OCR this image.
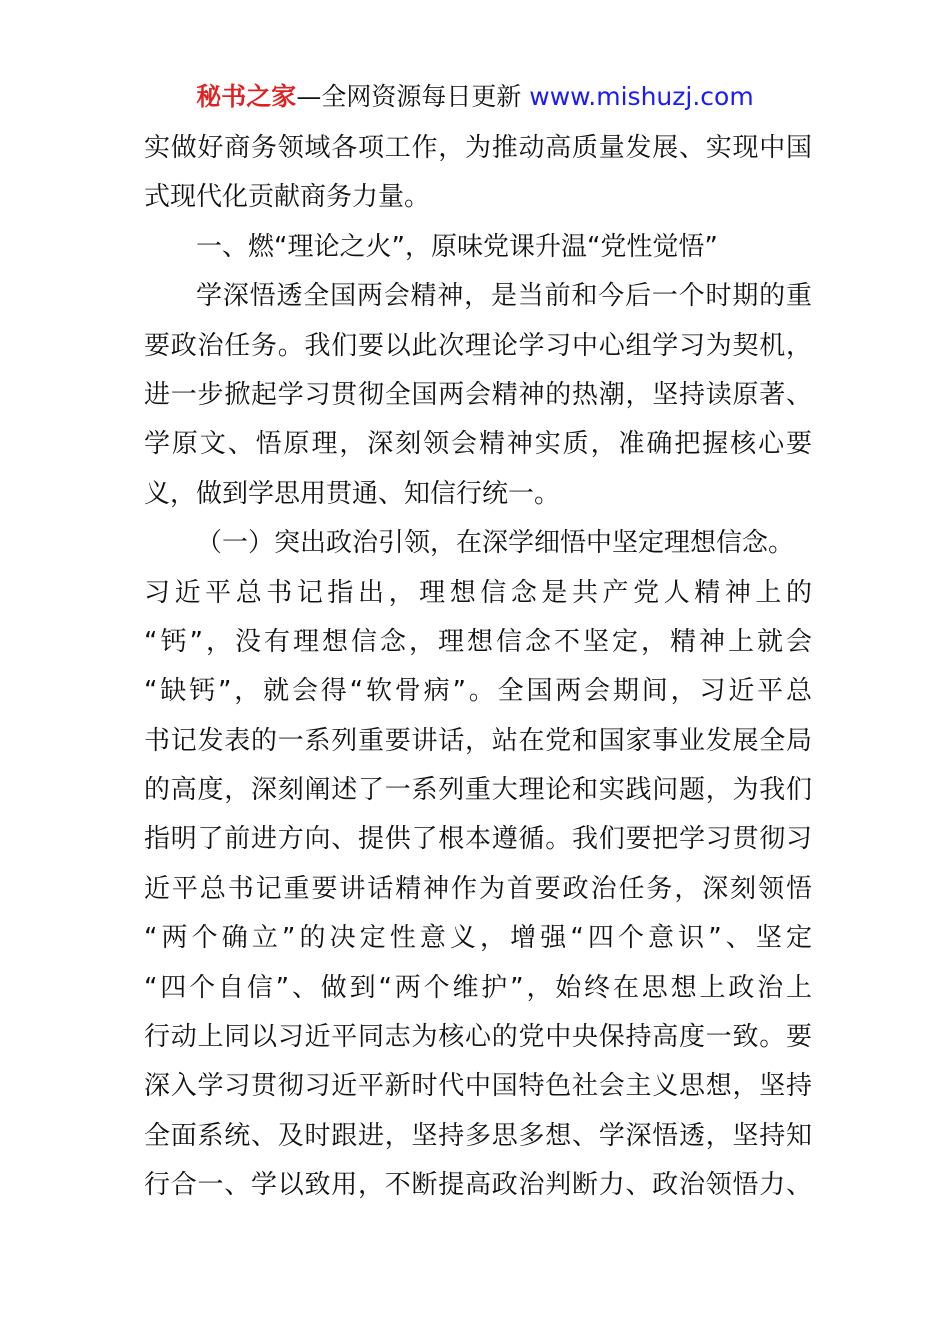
秘书之家—全网资源每日更新 www.mishuzj.com
实做好商务领域各项工作，为推动高质量发展、实现中国
式现代化贡献商务力量。
一、燃“理论之火”，原味党课升温“党性觉悟”
学深悟透全国两会精神，是当前和今后一个时期的重
要政治任务。我们要以此次理论学习中心组学习为契机，
进一步掀起学习贯彻全国两会精神的热潮，坚持读原著、
学原文、悟原理，深刻领会精神实质，准确把握核心要
义，做到学思用贯通、知信行统一。
（一）突出政治引领，在深学细悟中坚定理想信念。
习近平总书记指出，理想信念是共产党人精神上的
“钙”，没有理想信念，理想信念不坚定，精神上就会
“缺钙”，就会得“软骨病”。全国两会期间，习近平总
书记发表的一系列重要讲话，站在党和国家事业发展全局
的高度，深刻阐述了一系列重大理论和实践问题，为我们
指明了前进方向、提供了根本遵循。我们要把学习贯彻习
近平总书记重要讲话精神作为首要政治任务，深刻领悟
“两个确立”的决定性意义，增强“四个意识”、坚定
“四个自信”、做到“两个维护”，始终在思想上政治上
行动上同以习近平同志为核心的党中央保持高度一致。要
深入学习贯彻习近平新时代中国特色社会主义思想，坚持
全面系统、及时跟进，坚持多思多想、学深悟透，坚持知
行合一、学以致用，不断提高政治判断力、政治领悟力、
